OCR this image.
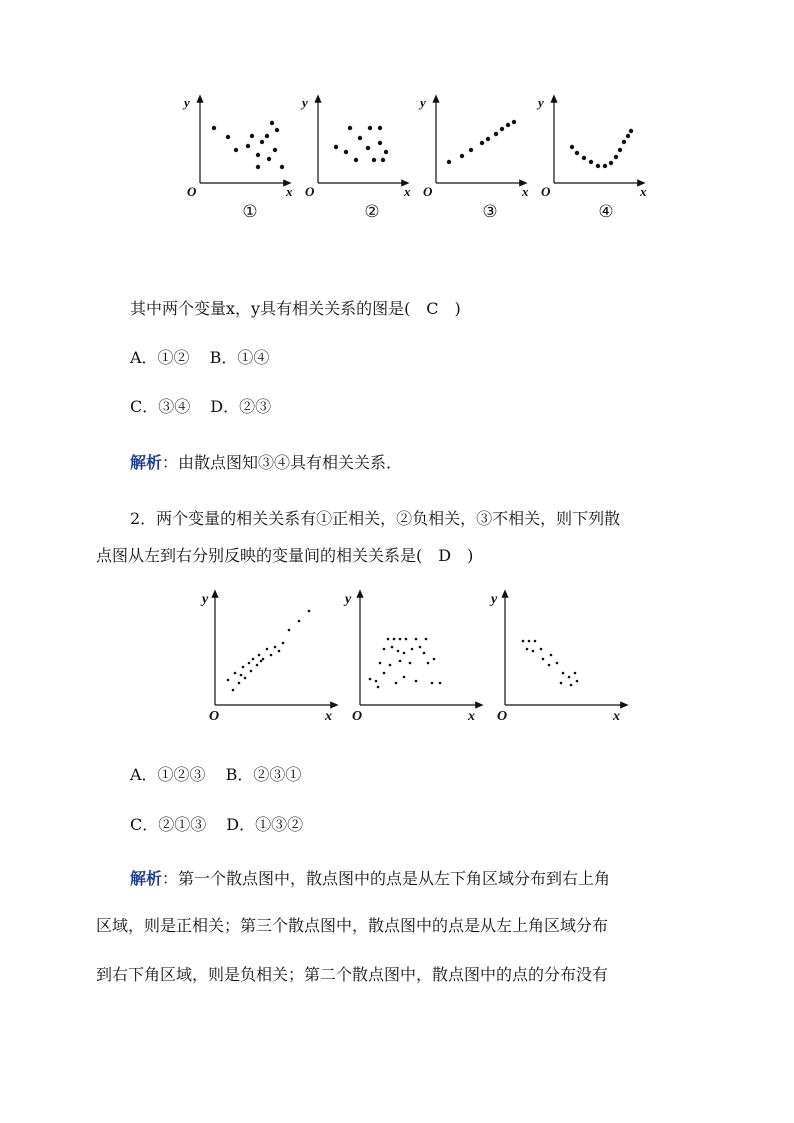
y
x
O
y
x
O
y
x
O
y
x
O
①	②	③	④
其中两个变量x，y具有相关关系的图是(　C　)
A．①② B．①④
C．③④ D．②③
解析：由散点图知③④具有相关关系．
2．两个变量的相关关系有①正相关，②负相关，③不相关，则下列散
点图从左到右分别反映的变量间的相关关系是(　D　)
y
x
O
y
x
O
y
x
O
A．①②③ B．②③①
C．②①③ D．①③②
解析：第一个散点图中，散点图中的点是从左下角区域分布到右上角
区域，则是正相关；第三个散点图中，散点图中的点是从左上角区域分布
到右下角区域，则是负相关；第二个散点图中，散点图中的点的分布没有
